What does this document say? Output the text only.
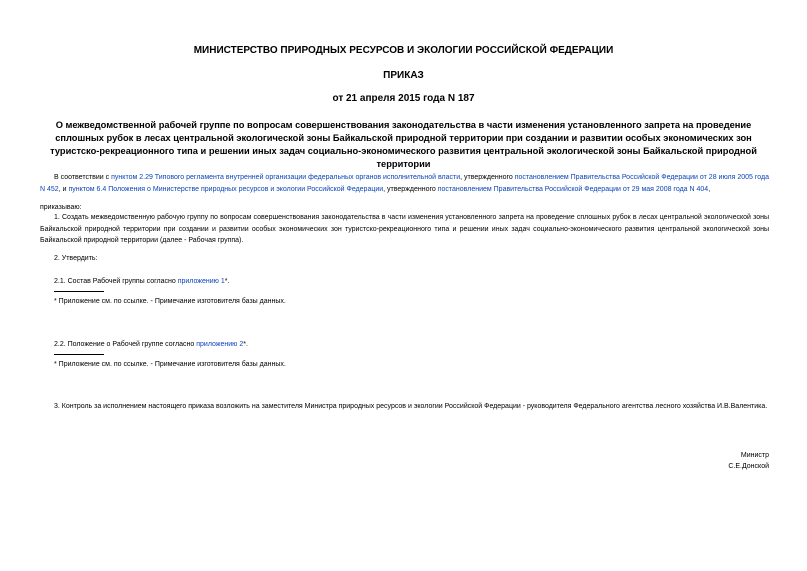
МИНИСТЕРСТВО ПРИРОДНЫХ РЕСУРСОВ И ЭКОЛОГИИ РОССИЙСКОЙ ФЕДЕРАЦИИ
ПРИКАЗ
от 21 апреля 2015 года N 187
О межведомственной рабочей группе по вопросам совершенствования законодательства в части изменения установленного запрета на проведение сплошных рубок в лесах центральной экологической зоны Байкальской природной территории при создании и развитии особых экономических зон туристско-рекреационного типа и решении иных задач социально-экономического развития центральной экологической зоны Байкальской природной территории
В соответствии с пунктом 2.29 Типового регламента внутренней организации федеральных органов исполнительной власти, утвержденного постановлением Правительства Российской Федерации от 28 июля 2005 года N 452, и пунктом 6.4 Положения о Министерстве природных ресурсов и экологии Российской Федерации, утвержденного постановлением Правительства Российской Федерации от 29 мая 2008 года N 404,
приказываю:
1. Создать межведомственную рабочую группу по вопросам совершенствования законодательства в части изменения установленного запрета на проведение сплошных рубок в лесах центральной экологической зоны Байкальской природной территории при создании и развитии особых экономических зон туристско-рекреационного типа и решении иных задач социально-экономического развития центральной экологической зоны Байкальской природной территории (далее - Рабочая группа).
2. Утвердить:
2.1. Состав Рабочей группы согласно приложению 1*.
* Приложение см. по ссылке. - Примечание изготовителя базы данных.
2.2. Положение о Рабочей группе согласно приложению 2*.
* Приложение см. по ссылке. - Примечание изготовителя базы данных.
3. Контроль за исполнением настоящего приказа возложить на заместителя Министра природных ресурсов и экологии Российской Федерации - руководителя Федерального агентства лесного хозяйства И.В.Валентика.
Министр
С.Е.Донской
